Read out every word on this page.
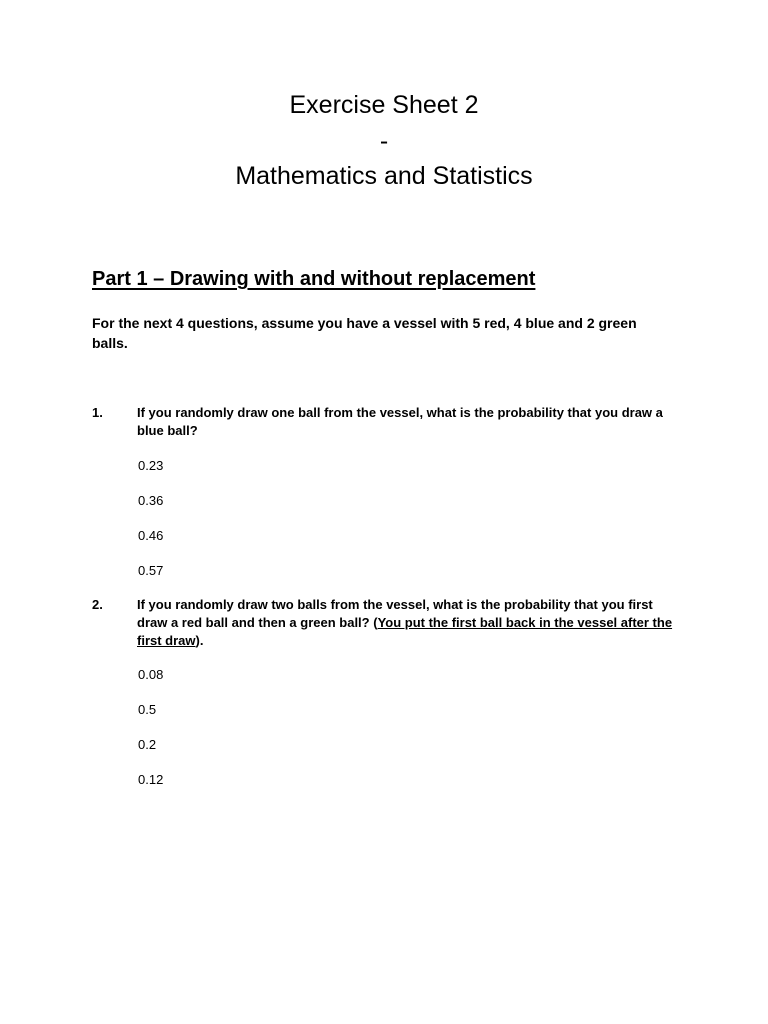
Exercise Sheet 2
-
Mathematics and Statistics
Part 1 – Drawing with and without replacement
For the next 4 questions, assume you have a vessel with 5 red, 4 blue and 2 green balls.
1.	If you randomly draw one ball from the vessel, what is the probability that you draw a blue ball?
0.23
0.36
0.46
0.57
2.	If you randomly draw two balls from the vessel, what is the probability that you first draw a red ball and then a green ball? (You put the first ball back in the vessel after the first draw).
0.08
0.5
0.2
0.12
